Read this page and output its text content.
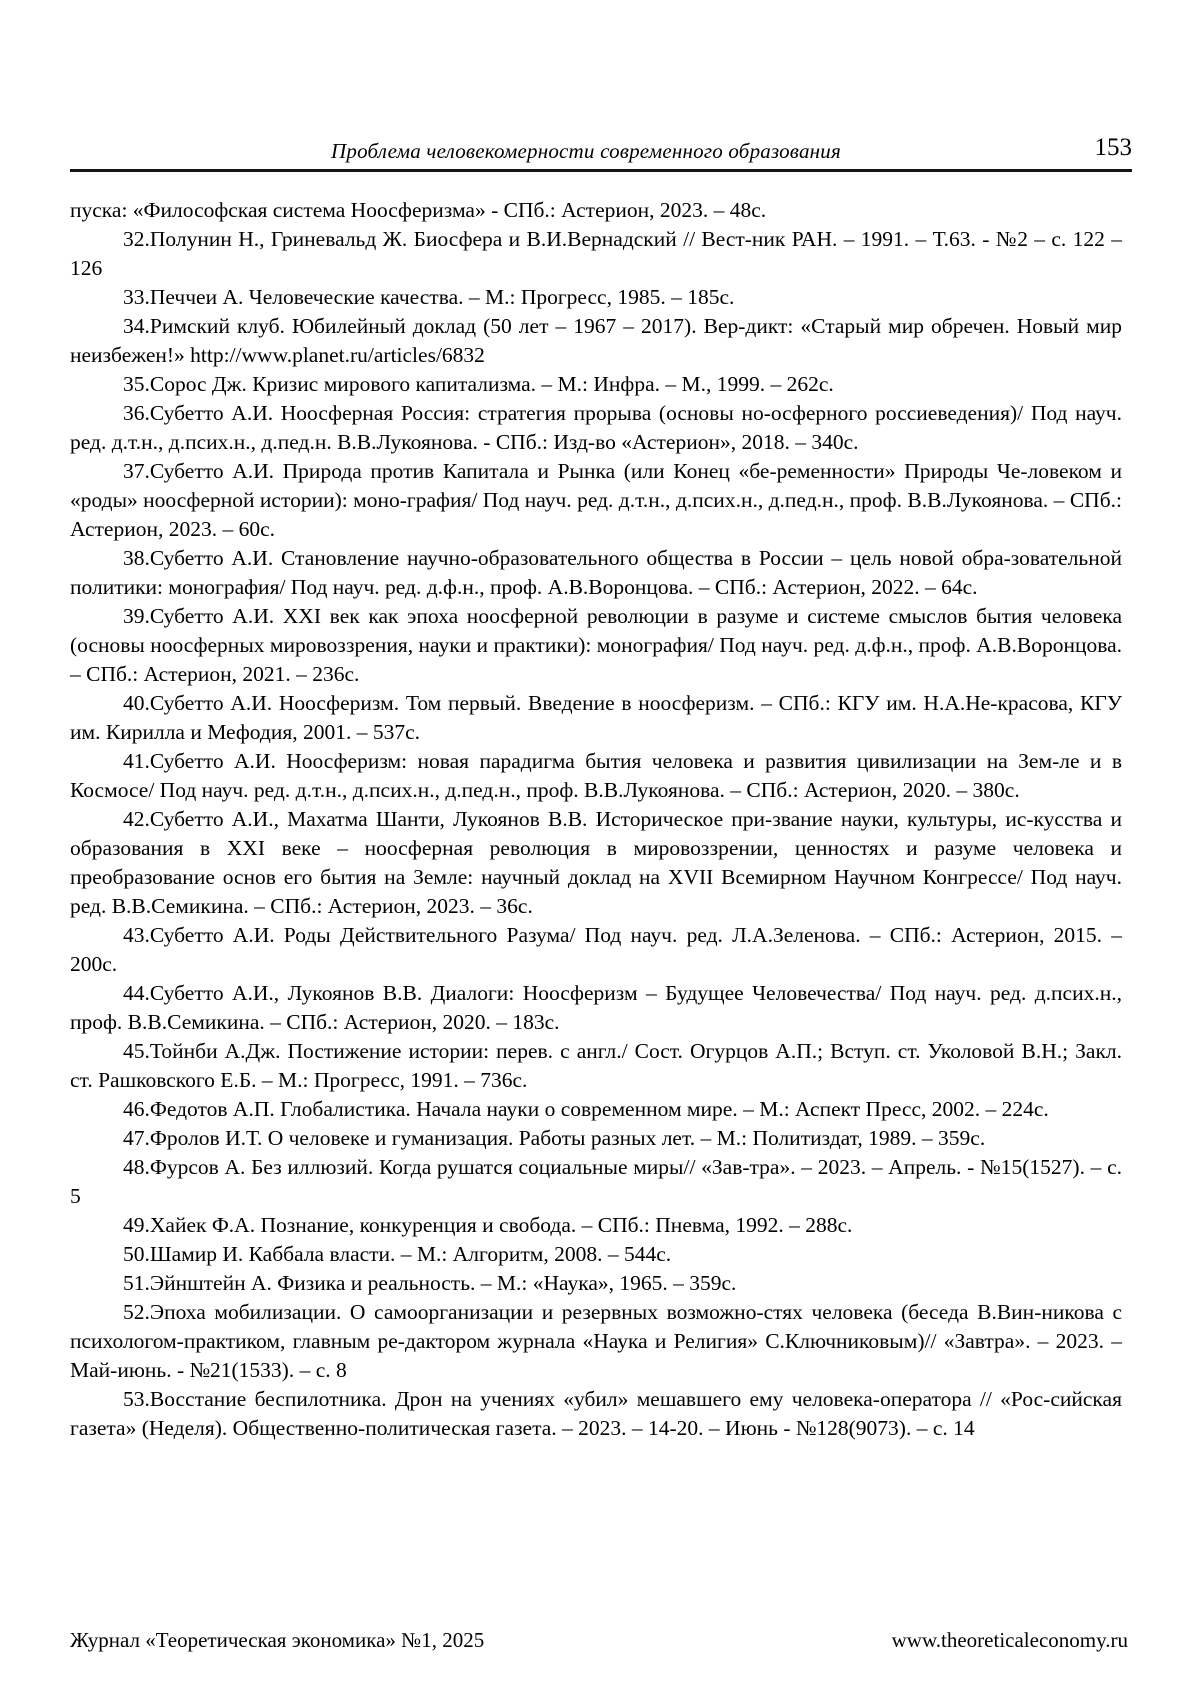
Проблема человекомерности современного образования	153

пуска: «Философская система Ноосферизма» - СПб.: Астерион, 2023. – 48с.

32.Полунин Н., Гриневальд Ж. Биосфера и В.И.Вернадский // Вест-ник РАН. – 1991. – Т.63. - №2 – с. 122 – 126

33.Печчеи А. Человеческие качества. – М.: Прогресс, 1985. – 185с.

34.Римский клуб. Юбилейный доклад (50 лет – 1967 – 2017). Вер-дикт: «Старый мир обречен. Новый мир неизбежен!» http://www.planet.ru/articles/6832

35.Сорос Дж. Кризис мирового капитализма. – М.: Инфра. – М., 1999. – 262с.

36.Субетто А.И. Ноосферная Россия: стратегия прорыва (основы но-осферного россиеведения)/ Под науч. ред. д.т.н., д.псих.н., д.пед.н. В.В.Лукоянова. - СПб.: Изд-во «Астерион», 2018. – 340с.

37.Субетто А.И. Природа против Капитала и Рынка (или Конец «бе-ременности» Природы Че-ловеком и «роды» ноосферной истории): моно-графия/ Под науч. ред. д.т.н., д.псих.н., д.пед.н., проф. В.В.Лукоянова. – СПб.: Астерион, 2023. – 60с.

38.Субетто А.И. Становление научно-образовательного общества в России – цель новой обра-зовательной политики: монография/ Под науч. ред. д.ф.н., проф. А.В.Воронцова. – СПб.: Астерион, 2022. – 64с.

39.Субетто А.И. XXI век как эпоха ноосферной революции в разуме и системе смыслов бытия человека (основы ноосферных мировоззрения, науки и практики): монография/ Под науч. ред. д.ф.н., проф. А.В.Воронцова. – СПб.: Астерион, 2021. – 236с.

40.Субетто А.И. Ноосферизм. Том первый. Введение в ноосферизм. – СПб.: КГУ им. Н.А.Не-красова, КГУ им. Кирилла и Мефодия, 2001. – 537с.

41.Субетто А.И. Ноосферизм: новая парадигма бытия человека и развития цивилизации на Зем-ле и в Космосе/ Под науч. ред. д.т.н., д.псих.н., д.пед.н., проф. В.В.Лукоянова. – СПб.: Астерион, 2020. – 380с.

42.Субетто А.И., Махатма Шанти, Лукоянов В.В. Историческое при-звание науки, культуры, ис-кусства и образования в XXI веке – ноосферная революция в мировоззрении, ценностях и разуме человека и преобразование основ его бытия на Земле: научный доклад на XVII Всемирном Научном Конгрессе/ Под науч. ред. В.В.Семикина. – СПб.: Астерион, 2023. – 36с.

43.Субетто А.И. Роды Действительного Разума/ Под науч. ред. Л.А.Зеленова. – СПб.: Астерион, 2015. – 200с.

44.Субетто А.И., Лукоянов В.В. Диалоги: Ноосферизм – Будущее Человечества/ Под науч. ред. д.псих.н., проф. В.В.Семикина. – СПб.: Астерион, 2020. – 183с.

45.Тойнби А.Дж. Постижение истории: перев. с англ./ Сост. Огурцов А.П.; Вступ. ст. Уколовой В.Н.; Закл. ст. Рашковского Е.Б. – М.: Прогресс, 1991. – 736с.

46.Федотов А.П. Глобалистика. Начала науки о современном мире. – М.: Аспект Пресс, 2002. – 224с.

47.Фролов И.Т. О человеке и гуманизация. Работы разных лет. – М.: Политиздат, 1989. – 359с.

48.Фурсов А. Без иллюзий. Когда рушатся социальные миры// «Зав-тра». – 2023. – Апрель. - №15(1527). – с. 5

49.Хайек Ф.А. Познание, конкуренция и свобода. – СПб.: Пневма, 1992. – 288с.

50.Шамир И. Каббала власти. – М.: Алгоритм, 2008. – 544с.

51.Эйнштейн А. Физика и реальность. – М.: «Наука», 1965. – 359с.

52.Эпоха мобилизации. О самоорганизации и резервных возможно-стях человека (беседа В.Вин-никова с психологом-практиком, главным ре-дактором журнала «Наука и Религия» С.Ключниковым)// «Завтра». – 2023. – Май-июнь. - №21(1533). – с. 8

53.Восстание беспилотника. Дрон на учениях «убил» мешавшего ему человека-оператора // «Рос-сийская газета» (Неделя). Общественно-политическая газета. – 2023. – 14-20. – Июнь - №128(9073). – с. 14

Журнал «Теоретическая экономика» №1, 2025	www.theoreticaleconomy.ru
